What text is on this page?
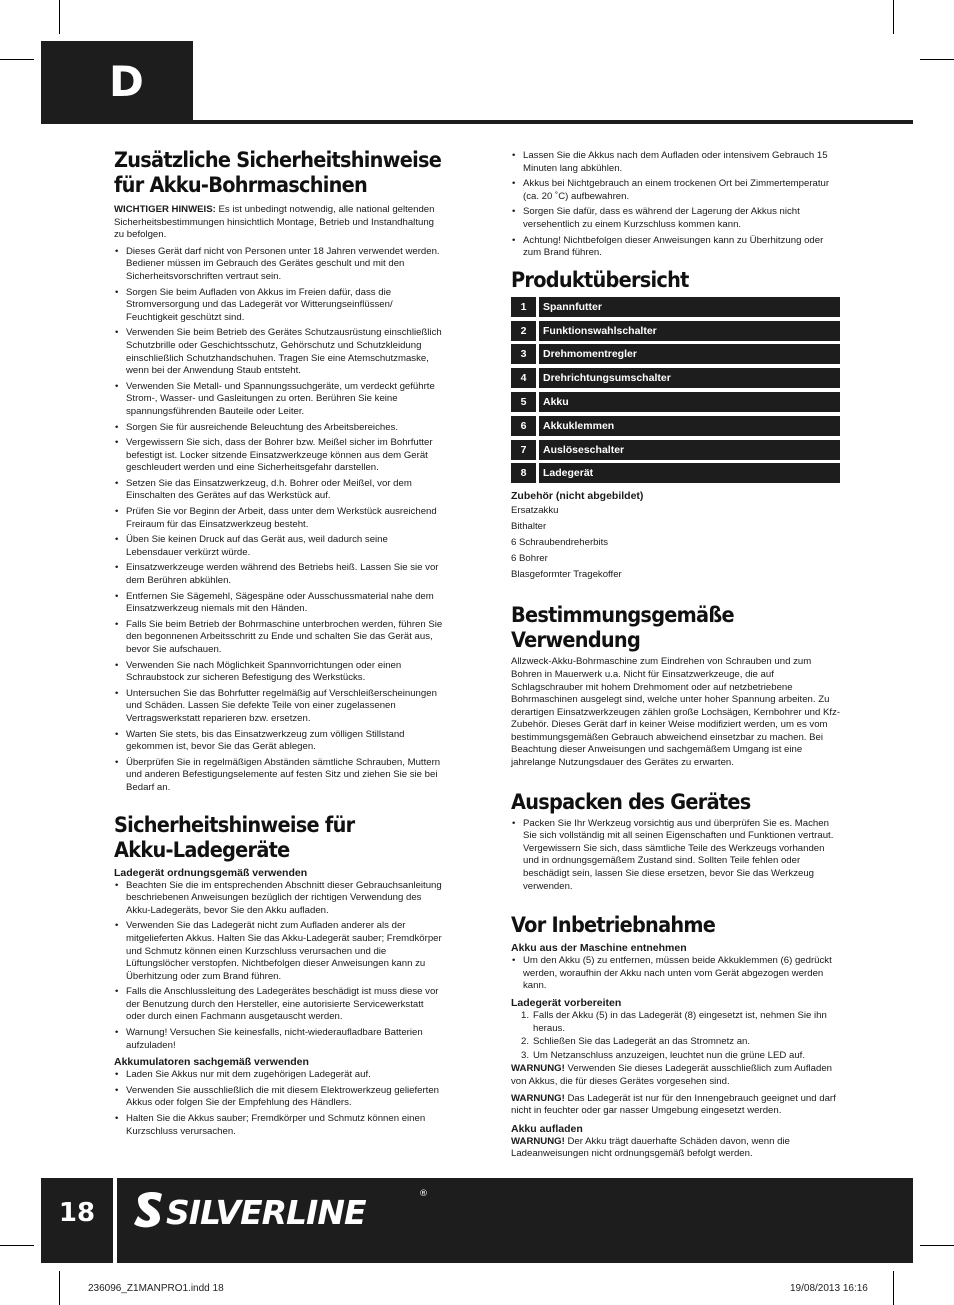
D
Zusätzliche Sicherheitshinweise für Akku-Bohrmaschinen

WICHTIGER HINWEIS: Es ist unbedingt notwendig, alle national geltenden Sicherheitsbestimmungen hinsichtlich Montage, Betrieb und Instandhaltung zu befolgen.

• Dieses Gerät darf nicht von Personen unter 18 Jahren verwendet werden. Bediener müssen im Gebrauch des Gerätes geschult und mit den Sicherheitsvorschriften vertraut sein.
• Sorgen Sie beim Aufladen von Akkus im Freien dafür, dass die Stromversorgung und das Ladegerät vor Witterungseinflüssen/ Feuchtigkeit geschützt sind.
• Verwenden Sie beim Betrieb des Gerätes Schutzausrüstung einschließlich Schutzbrille oder Geschichtsschutz, Gehörschutz und Schutzkleidung einschließlich Schutzhandschuhen. Tragen Sie eine Atemschutzmaske, wenn bei der Anwendung Staub entsteht.
• Verwenden Sie Metall- und Spannungssuchgeräte, um verdeckt geführte Strom-, Wasser- und Gasleitungen zu orten. Berühren Sie keine spannungsführenden Bauteile oder Leiter.
• Sorgen Sie für ausreichende Beleuchtung des Arbeitsbereiches.
• Vergewissern Sie sich, dass der Bohrer bzw. Meißel sicher im Bohrfutter befestigt ist. Locker sitzende Einsatzwerkzeuge können aus dem Gerät geschleudert werden und eine Sicherheitsgefahr darstellen.
• Setzen Sie das Einsatzwerkzeug, d.h. Bohrer oder Meißel, vor dem Einschalten des Gerätes auf das Werkstück auf.
• Prüfen Sie vor Beginn der Arbeit, dass unter dem Werkstück ausreichend Freiraum für das Einsatzwerkzeug besteht.
• Üben Sie keinen Druck auf das Gerät aus, weil dadurch seine Lebensdauer verkürzt würde.
• Einsatzwerkzeuge werden während des Betriebs heiß. Lassen Sie sie vor dem Berühren abkühlen.
• Entfernen Sie Sägemehl, Sägespäne oder Ausschussmaterial nahe dem Einsatzwerkzeug niemals mit den Händen.
• Falls Sie beim Betrieb der Bohrmaschine unterbrochen werden, führen Sie den begonnenen Arbeitsschritt zu Ende und schalten Sie das Gerät aus, bevor Sie aufschauen.
• Verwenden Sie nach Möglichkeit Spannvorrichtungen oder einen Schraubstock zur sicheren Befestigung des Werkstücks.
• Untersuchen Sie das Bohrfutter regelmäßig auf Verschleißerscheinungen und Schäden. Lassen Sie defekte Teile von einer zugelassenen Vertragswerkstatt reparieren bzw. ersetzen.
• Warten Sie stets, bis das Einsatzwerkzeug zum völligen Stillstand gekommen ist, bevor Sie das Gerät ablegen.
• Überprüfen Sie in regelmäßigen Abständen sämtliche Schrauben, Muttern und anderen Befestigungselemente auf festen Sitz und ziehen Sie sie bei Bedarf an.
Sicherheitshinweise für Akku-Ladegeräte
Ladegerät ordnungsgemäß verwenden
• Beachten Sie die im entsprechenden Abschnitt dieser Gebrauchsanleitung beschriebenen Anweisungen bezüglich der richtigen Verwendung des Akku-Ladegeräts, bevor Sie den Akku aufladen.
• Verwenden Sie das Ladegerät nicht zum Aufladen anderer als der mitgelieferten Akkus. Halten Sie das Akku-Ladegerät sauber; Fremdkörper und Schmutz können einen Kurzschluss verursachen und die Lüftungslöcher verstopfen. Nichtbefolgen dieser Anweisungen kann zu Überhitzung oder zum Brand führen.
• Falls die Anschlussleitung des Ladegerätes beschädigt ist muss diese vor der Benutzung durch den Hersteller, eine autorisierte Servicewerkstatt oder durch einen Fachmann ausgetauscht werden.
• Warnung! Versuchen Sie keinesfalls, nicht-wiederaufladbare Batterien aufzuladen!
Akkumulatoren sachgemäß verwenden
• Laden Sie Akkus nur mit dem zugehörigen Ladegerät auf.
• Verwenden Sie ausschließlich die mit diesem Elektrowerkzeug gelieferten Akkus oder folgen Sie der Empfehlung des Händlers.
• Halten Sie die Akkus sauber; Fremdkörper und Schmutz können einen Kurzschluss verursachen.
• Lassen Sie die Akkus nach dem Aufladen oder intensivem Gebrauch 15 Minuten lang abkühlen.
• Akkus bei Nichtgebrauch an einem trockenen Ort bei Zimmertemperatur (ca. 20 ˚C) aufbewahren.
• Sorgen Sie dafür, dass es während der Lagerung der Akkus nicht versehentlich zu einem Kurzschluss kommen kann.
• Achtung! Nichtbefolgen dieser Anweisungen kann zu Überhitzung oder zum Brand führen.
Produktübersicht
1	Spannfutter
2	Funktionswahlschalter
3	Drehmomentregler
4	Drehrichtungsumschalter
5	Akku
6	Akkuklemmen
7	Auslöseschalter
8	Ladegerät
Zubehör (nicht abgebildet)
Ersatzakku
Bithalter
6 Schraubendreherbits
6 Bohrer
Blasgeformter Tragekoffer
Bestimmungsgemäße
Verwendung

Allzweck-Akku-Bohrmaschine zum Eindrehen von Schrauben und zum Bohren in Mauerwerk u.a. Nicht für Einsatzwerkzeuge, die auf Schlagschrauber mit hohem Drehmoment oder auf netzbetriebene Bohrmaschinen ausgelegt sind, welche unter hoher Spannung arbeiten. Zu derartigen Einsatzwerkzeugen zählen große Lochsägen, Kernbohrer und Kfz-Zubehör. Dieses Gerät darf in keiner Weise modifiziert werden, um es vom bestimmungsgemäßen Gebrauch abweichend einsetzbar zu machen. Bei Beachtung dieser Anweisungen und sachgemäßem Umgang ist eine jahrelange Nutzungsdauer des Gerätes zu erwarten.

Auspacken des Gerätes
• Packen Sie Ihr Werkzeug vorsichtig aus und überprüfen Sie es. Machen Sie sich vollständig mit all seinen Eigenschaften und Funktionen vertraut. Vergewissern Sie sich, dass sämtliche Teile des Werkzeugs vorhanden und in ordnungsgemäßem Zustand sind. Sollten Teile fehlen oder beschädigt sein, lassen Sie diese ersetzen, bevor Sie das Werkzeug verwenden.
Vor Inbetriebnahme
Akku aus der Maschine entnehmen
• Um den Akku (5) zu entfernen, müssen beide Akkuklemmen (6) gedrückt werden, woraufhin der Akku nach unten vom Gerät abgezogen werden kann.
Ladegerät vorbereiten
1. Falls der Akku (5) in das Ladegerät (8) eingesetzt ist, nehmen Sie ihn heraus.
2. Schließen Sie das Ladegerät an das Stromnetz an.
3. Um Netzanschluss anzuzeigen, leuchtet nun die grüne LED auf.

WARNUNG! Verwenden Sie dieses Ladegerät ausschließlich zum Aufladen von Akkus, die für dieses Gerätes vorgesehen sind.

WARNUNG! Das Ladegerät ist nur für den Innengebrauch geeignet und darf nicht in feuchter oder gar nasser Umgebung eingesetzt werden.

Akku aufladen

WARNUNG! Der Akku trägt dauerhafte Schäden davon, wenn die Ladeanweisungen nicht ordnungsgemäß befolgt werden.

18	SILVERLINE	®
236096_Z1MANPRO1.indd 18	19/08/2013 16:16
